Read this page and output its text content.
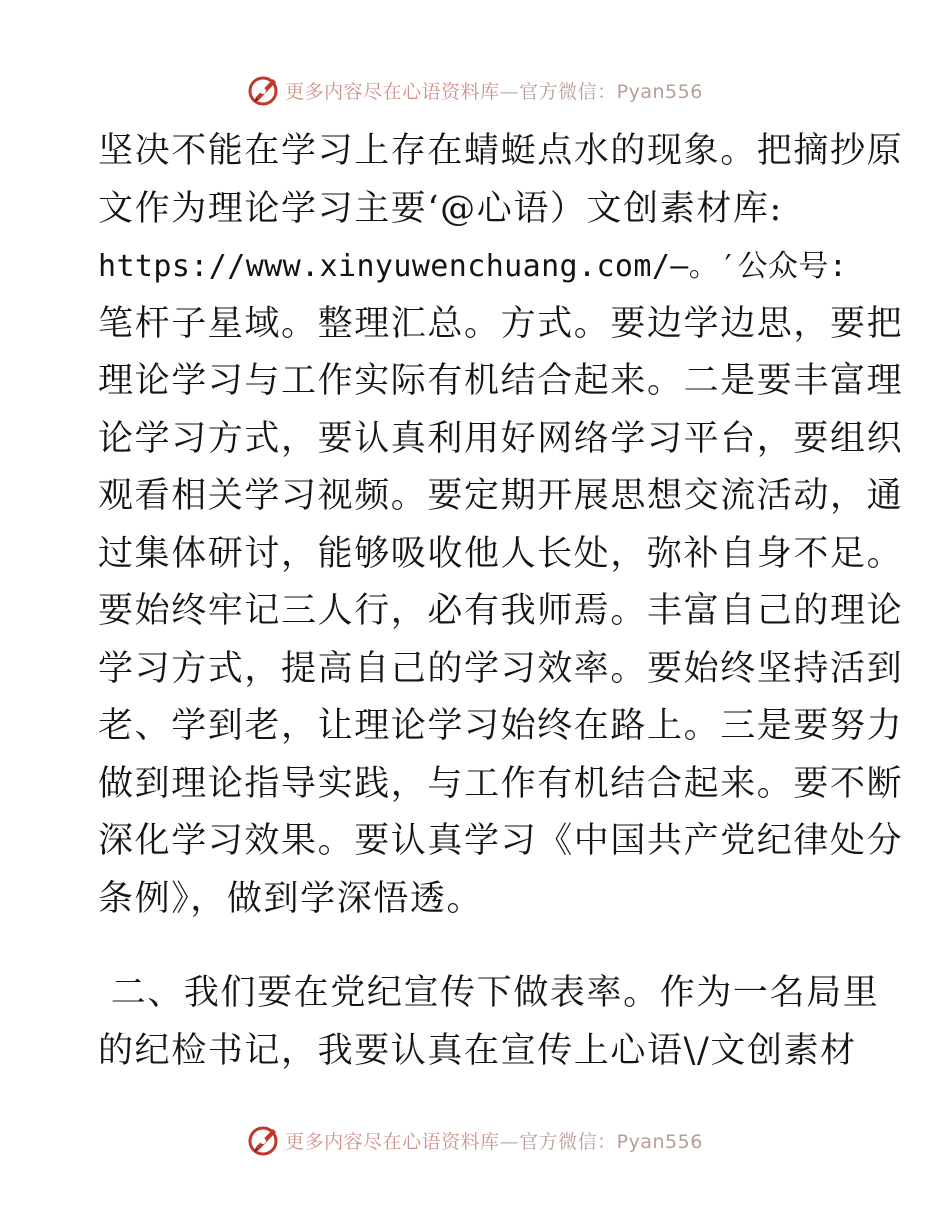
更多内容尽在心语资料库—官方微信：Pyan556
坚决不能在学习上存在蜻蜓点水的现象。把摘抄原
文作为理论学习主要‘@心语）文创素材库:
https://www.xinyuwenchuang.com/—。′公众号:
笔杆子星域。整理汇总。方式。要边学边思，要把
理论学习与工作实际有机结合起来。二是要丰富理
论学习方式，要认真利用好网络学习平台，要组织
观看相关学习视频。要定期开展思想交流活动，通
过集体研讨，能够吸收他人长处，弥补自身不足。
要始终牢记三人行，必有我师焉。丰富自己的理论
学习方式，提高自己的学习效率。要始终坚持活到
老、学到老，让理论学习始终在路上。三是要努力
做到理论指导实践，与工作有机结合起来。要不断
深化学习效果。要认真学习《中国共产党纪律处分
条例》，做到学深悟透。
二、我们要在党纪宣传下做表率。作为一名局里
的纪检书记，我要认真在宣传上心语\/文创素材
更多内容尽在心语资料库—官方微信：Pyan556
